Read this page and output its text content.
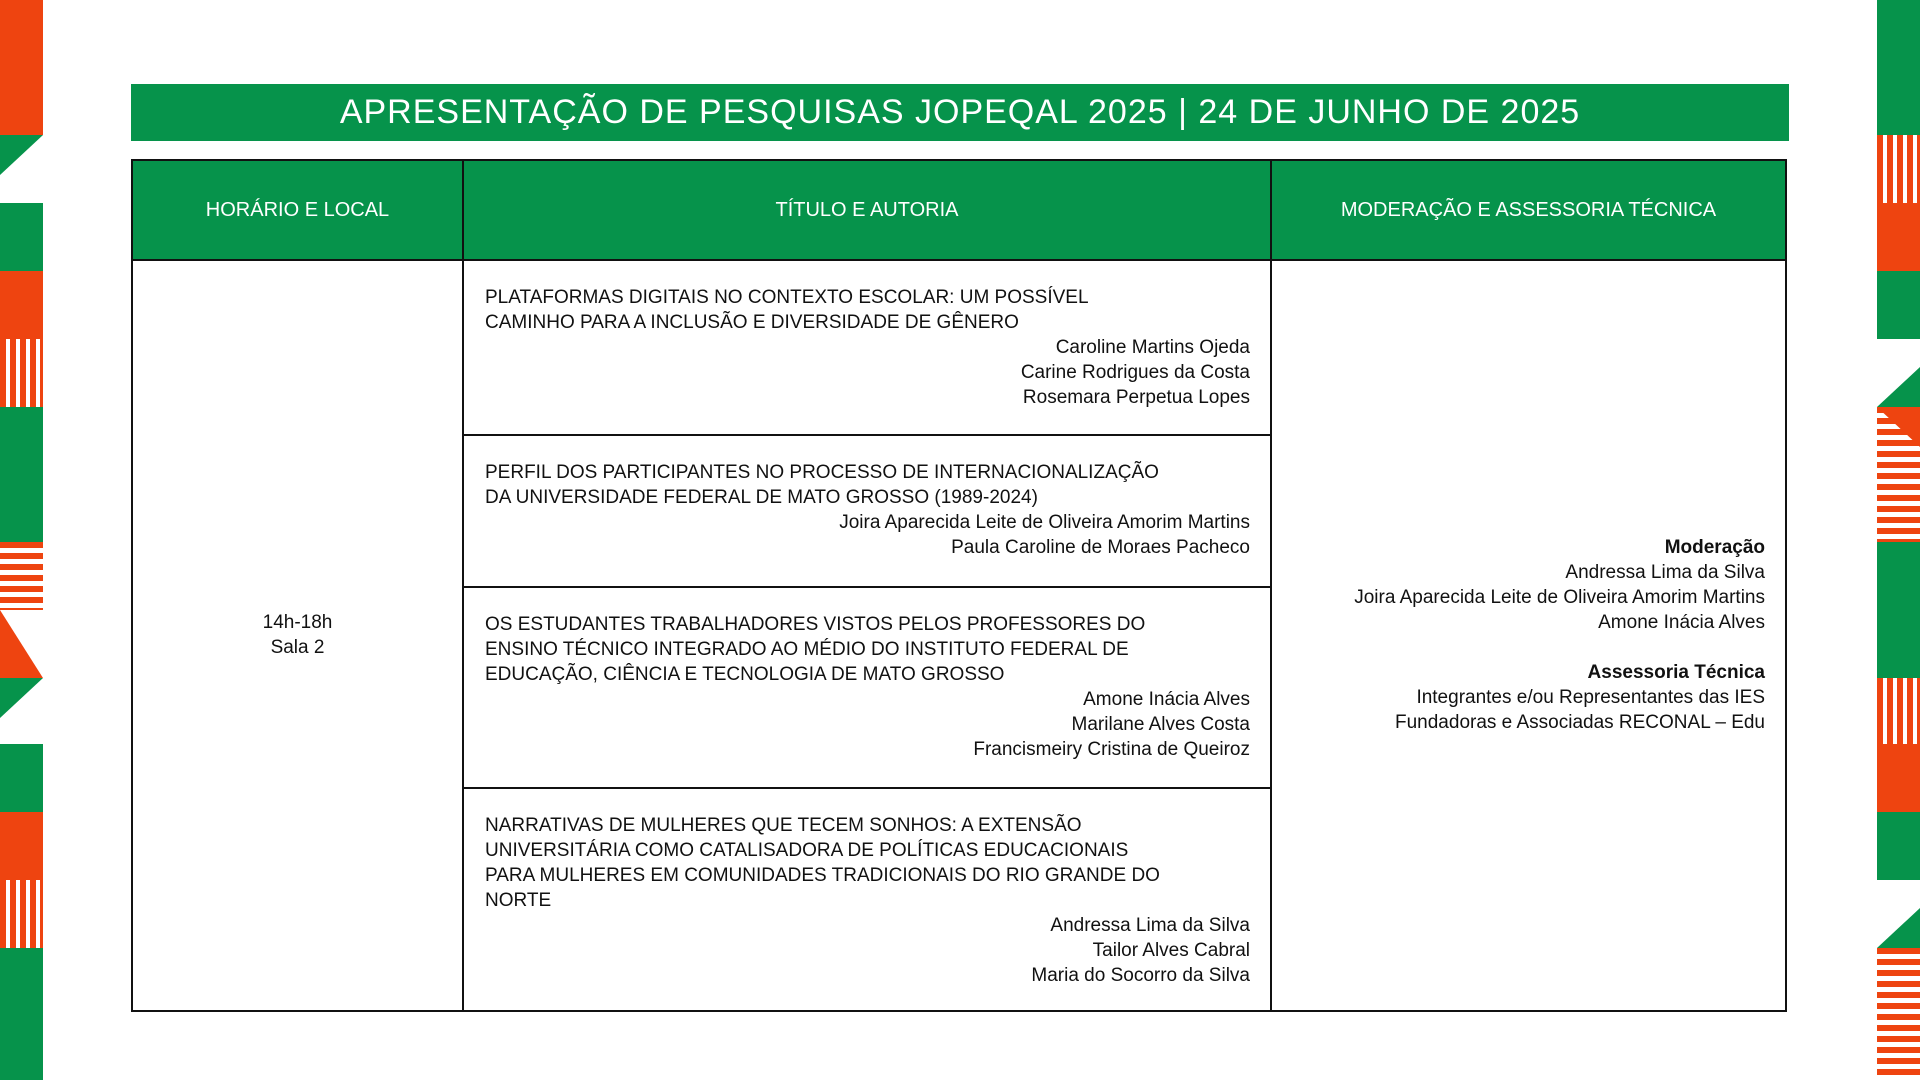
APRESENTAÇÃO DE PESQUISAS JOPEQAL 2025 | 24 DE JUNHO DE 2025
HORÁRIO E LOCAL	TÍTULO E AUTORIA	MODERAÇÃO E ASSESSORIA TÉCNICA
14h-18h
Sala 2
PLATAFORMAS DIGITAIS NO CONTEXTO ESCOLAR: UM POSSÍVEL
CAMINHO PARA A INCLUSÃO E DIVERSIDADE DE GÊNERO
Caroline Martins Ojeda
Carine Rodrigues da Costa
Rosemara Perpetua Lopes
PERFIL DOS PARTICIPANTES NO PROCESSO DE INTERNACIONALIZAÇÃO
DA UNIVERSIDADE FEDERAL DE MATO GROSSO (1989-2024)
Joira Aparecida Leite de Oliveira Amorim Martins
Paula Caroline de Moraes Pacheco
OS ESTUDANTES TRABALHADORES VISTOS PELOS PROFESSORES DO
ENSINO TÉCNICO INTEGRADO AO MÉDIO DO INSTITUTO FEDERAL DE
EDUCAÇÃO, CIÊNCIA E TECNOLOGIA DE MATO GROSSO
Amone Inácia Alves
Marilane Alves Costa
Francismeiry Cristina de Queiroz
NARRATIVAS DE MULHERES QUE TECEM SONHOS: A EXTENSÃO
UNIVERSITÁRIA COMO CATALISADORA DE POLÍTICAS EDUCACIONAIS
PARA MULHERES EM COMUNIDADES TRADICIONAIS DO RIO GRANDE DO
NORTE
Andressa Lima da Silva
Tailor Alves Cabral
Maria do Socorro da Silva
Moderação
Andressa Lima da Silva
Joira Aparecida Leite de Oliveira Amorim Martins
Amone Inácia Alves
Assessoria Técnica
Integrantes e/ou Representantes das IES
Fundadoras e Associadas RECONAL – Edu
